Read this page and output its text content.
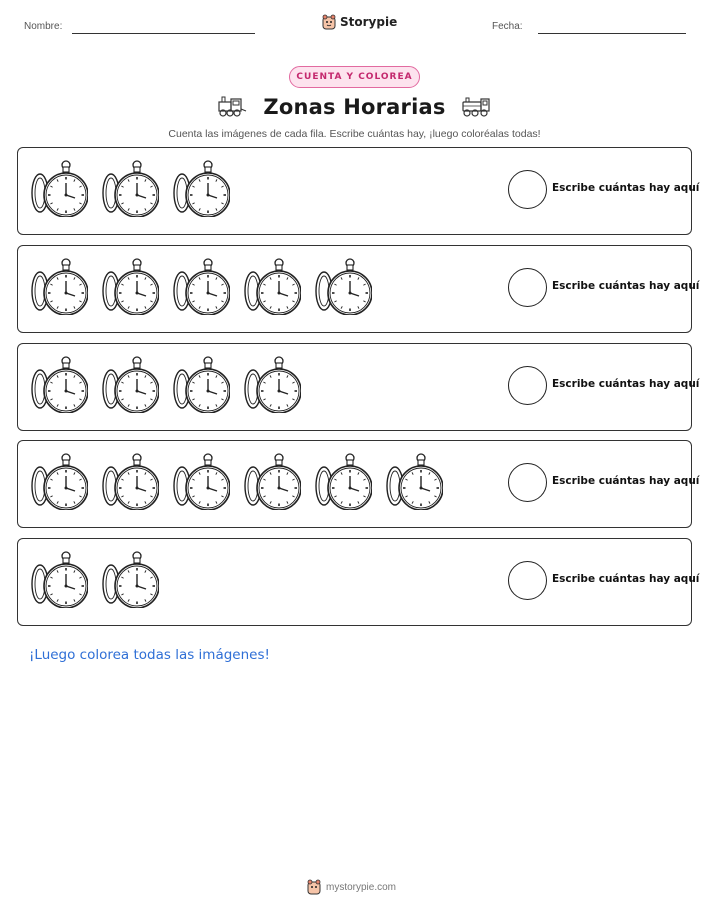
Nombre:	Storypie	Fecha:
CUENTA Y COLOREA
Zonas Horarias
Cuenta las imágenes de cada fila. Escribe cuántas hay, ¡luego coloréalas todas!
Escribe cuántas hay aquí
Escribe cuántas hay aquí
Escribe cuántas hay aquí
Escribe cuántas hay aquí
Escribe cuántas hay aquí
¡Luego colorea todas las imágenes!
mystorypie.com
